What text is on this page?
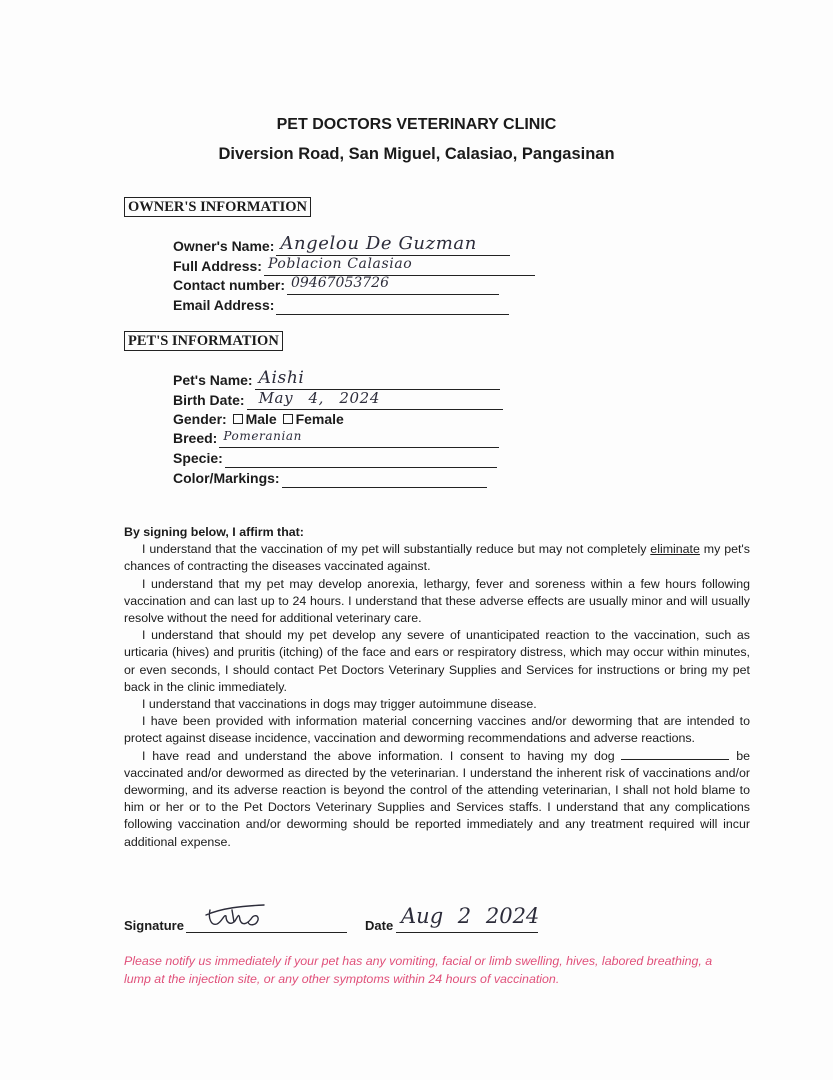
PET DOCTORS VETERINARY CLINIC
Diversion Road, San Miguel, Calasiao, Pangasinan
OWNER'S INFORMATION
Owner's Name: Angelou De Guzman
Full Address: Poblacion Calasiao
Contact number: 09467053726
Email Address:
PET'S INFORMATION
Pet's Name: Aishi
Birth Date: May 4, 2024
Gender: Male Female
Breed: Pomeranian
Specie:
Color/Markings:
By signing below, I affirm that:

I understand that the vaccination of my pet will substantially reduce but may not completely eliminate my pet's chances of contracting the diseases vaccinated against.

I understand that my pet may develop anorexia, lethargy, fever and soreness within a few hours following vaccination and can last up to 24 hours. I understand that these adverse effects are usually minor and will usually resolve without the need for additional veterinary care.

I understand that should my pet develop any severe of unanticipated reaction to the vaccination, such as urticaria (hives) and pruritis (itching) of the face and ears or respiratory distress, which may occur within minutes, or even seconds, I should contact Pet Doctors Veterinary Supplies and Services for instructions or bring my pet back in the clinic immediately.

I understand that vaccinations in dogs may trigger autoimmune disease.

I have been provided with information material concerning vaccines and/or deworming that are intended to protect against disease incidence, vaccination and deworming recommendations and adverse reactions.

I have read and understand the above information. I consent to having my dog	be vaccinated and/or dewormed as directed by the veterinarian. I understand the inherent risk of vaccinations and/or deworming, and its adverse reaction is beyond the control of the attending veterinarian, I shall not hold blame to him or her or to the Pet Doctors Veterinary Supplies and Services staffs. I understand that any complications following vaccination and/or deworming should be reported immediately and any treatment required will incur additional expense.

Signature	Date Aug 2 2024
Please notify us immediately if your pet has any vomiting, facial or limb swelling, hives, labored breathing, a lump at the injection site, or any other symptoms within 24 hours of vaccination.
